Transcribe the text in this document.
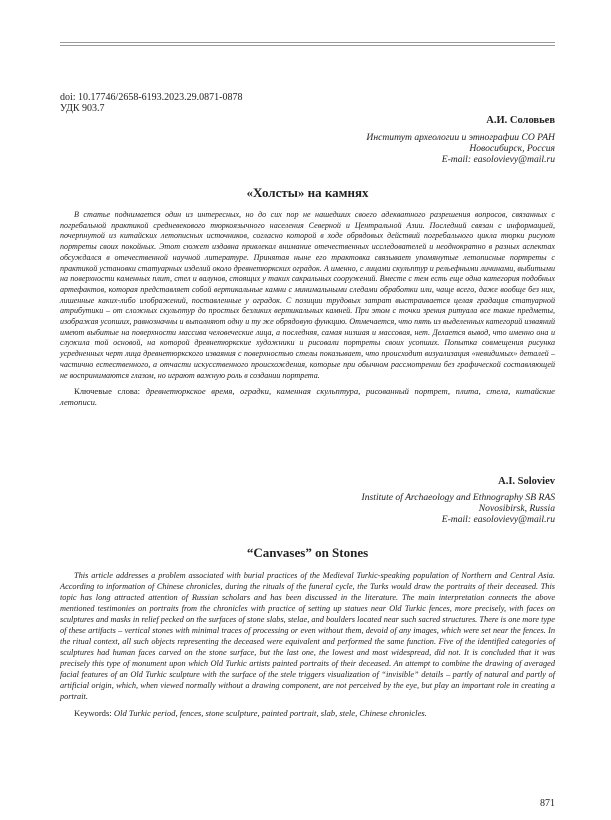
doi: 10.17746/2658-6193.2023.29.0871-0878
УДК 903.7
А.И. Соловьев
Институт археологии и этнографии СО РАН
Новосибирск, Россия
E-mail: easolovievy@mail.ru
«Холсты» на камнях

В статье поднимается один из интересных, но до сих пор не нашедших своего адекватного разрешения вопросов, связанных с погребальной практикой средневекового тюркоязычного населения Северной и Центральной Азии. Последний связан с информацией, почерпнутой из китайских летописных источников, согласно которой в ходе обрядовых действий погребального цикла тюрки рисуют портреты своих покойных. Этот сюжет издавна привлекал внимание отечественных исследователей и неоднократно в разных аспектах обсуждался в отечественной научной литературе. Принятая ныне его трактовка связывает упомянутые летописные портреты с практикой установки статуарных изделий около древнетюркских оградок. А именно, с лицами скульптур и рельефными личинами, выбитыми на поверхности каменных плит, стел и валунов, стоящих у таких сакральных сооружений. Вместе с тем есть еще одна категория подобных артефактов, которая представляет собой вертикальные камни с минимальными следами обработки или, чаще всего, даже вообще без них, лишенные каких-либо изображений, поставленные у оградок. С позиции трудовых затрат выстраивается целая градация статуарной атрибутики – от сложных скульптур до простых безликих вертикальных камней. При этом с точки зрения ритуала все такие предметы, изображая усопших, равнозначны и выполняют одну и ту же обрядовую функцию. Отмечается, что пять из выделенных категорий изваяний имеют выбитые на поверхности массива человеческие лица, а последняя, самая низшая и массовая, нет. Делается вывод, что именно она и служила той основой, на которой древнетюркские художники и рисовали портреты своих усопших. Попытка совмещения рисунка усредненных черт лица древнетюркского изваяния с поверхностью стелы показывает, что происходит визуализация «невидимых» деталей – частично естественного, а отчасти искусственного происхождения, которые при обычном рассмотрении без графической составляющей не воспринимаются глазом, но играют важную роль в создании портрета.

Ключевые слова: древнетюркское время, оградки, каменная скульптура, рисованный портрет, плита, стела, китайские летописи.

A.I. Soloviev
Institute of Archaeology and Ethnography SB RAS
Novosibirsk, Russia
E-mail: easolovievy@mail.ru
“Canvases” on Stones

This article addresses a problem associated with burial practices of the Medieval Turkic-speaking population of Northern and Central Asia. According to information of Chinese chronicles, during the rituals of the funeral cycle, the Turks would draw the portraits of their deceased. This topic has long attracted attention of Russian scholars and has been discussed in the literature. The main interpretation connects the above mentioned testimonies on portraits from the chronicles with practice of setting up statues near Old Turkic fences, more precisely, with faces on sculptures and masks in relief pecked on the surfaces of stone slabs, stelae, and boulders located near such sacred structures. There is one more type of these artifacts – vertical stones with minimal traces of processing or even without them, devoid of any images, which were set near the fences. In the ritual context, all such objects representing the deceased were equivalent and performed the same function. Five of the identified categories of sculptures had human faces carved on the stone surface, but the last one, the lowest and most widespread, did not. It is concluded that it was precisely this type of monument upon which Old Turkic artists painted portraits of their deceased. An attempt to combine the drawing of averaged facial features of an Old Turkic sculpture with the surface of the stele triggers visualization of “invisible” details – partly of natural and partly of artificial origin, which, when viewed normally without a drawing component, are not perceived by the eye, but play an important role in creating a portrait.

Keywords: Old Turkic period, fences, stone sculpture, painted portrait, slab, stele, Chinese chronicles.

871
